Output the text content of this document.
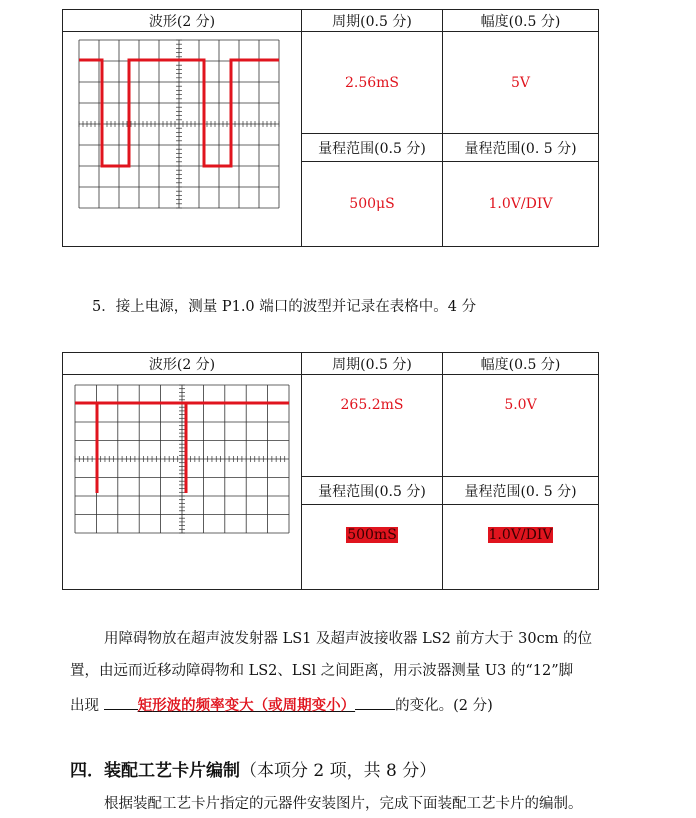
波形(2 分)	周期(0.5 分)	幅度(0.5 分)

	2.56mS	5V
	量程范围(0.5 分)	量程范围(0. 5 分)
	500μS	1.0V/DIV
5．接上电源，测量 P1.0 端口的波型并记录在表格中。4 分
波形(2 分)	周期(0.5 分)	幅度(0.5 分)

	265.2mS	5.0V
	量程范围(0.5 分)	量程范围(0. 5 分)
	500mS	1.0V/DIV
用障碍物放在超声波发射器 LS1 及超声波接收器 LS2 前方大于 30cm 的位
置，由远而近移动障碍物和 LS2、LSl 之间距离，用示波器测量 U3 的“12”脚
出现	矩形波的频率变大（或周期变小）	的变化。(2 分)
四．装配工艺卡片编制（本项分 2 项，共 8 分）
根据装配工艺卡片指定的元器件安装图片，完成下面装配工艺卡片的编制。
